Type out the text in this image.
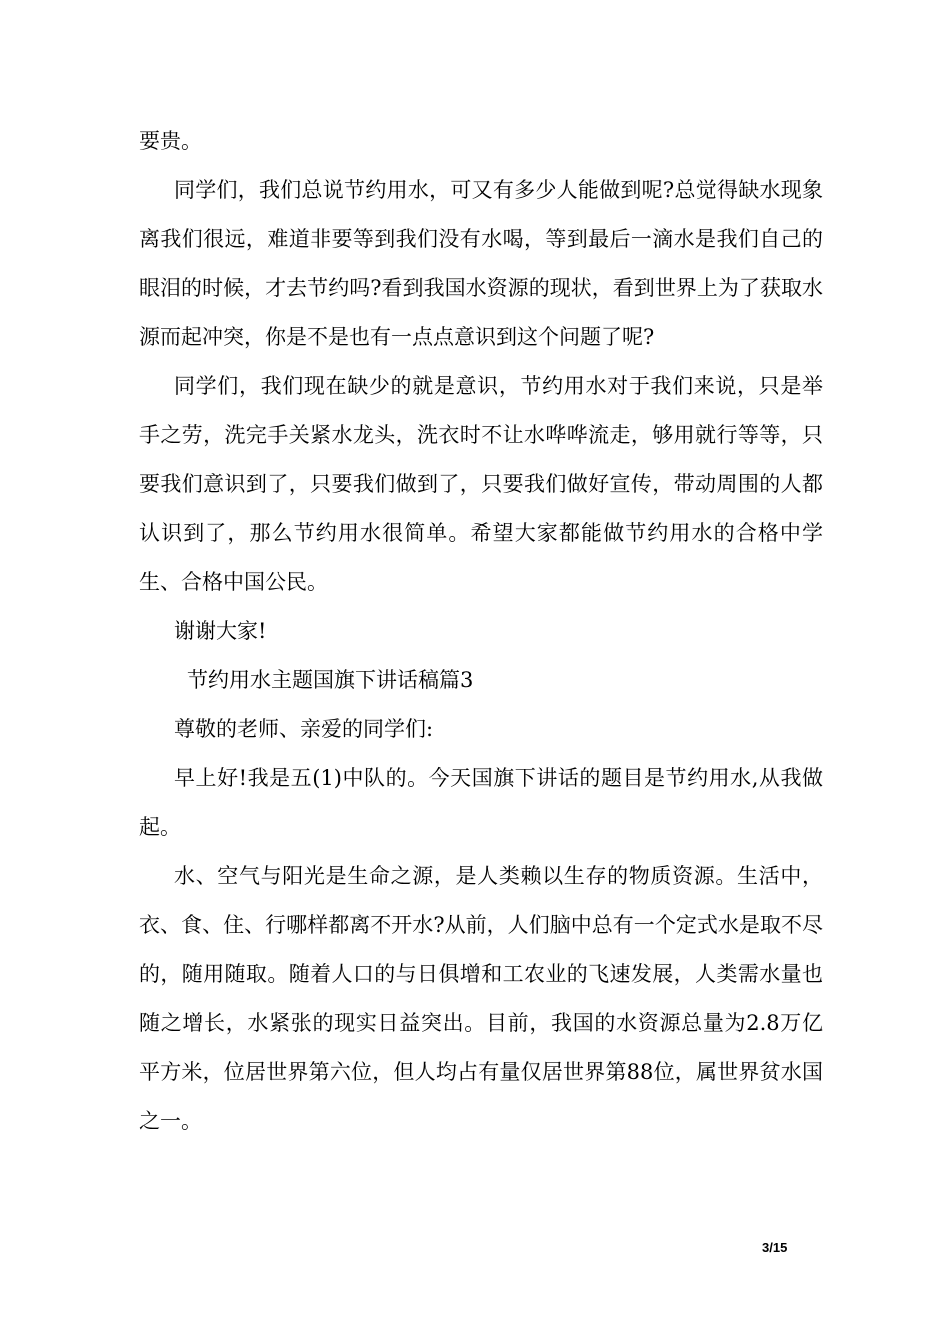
要贵。

同学们，我们总说节约用水，可又有多少人能做到呢?总觉得缺水现象离我们很远，难道非要等到我们没有水喝，等到最后一滴水是我们自己的眼泪的时候，才去节约吗?看到我国水资源的现状，看到世界上为了获取水源而起冲突，你是不是也有一点点意识到这个问题了呢?

同学们，我们现在缺少的就是意识，节约用水对于我们来说，只是举手之劳，洗完手关紧水龙头，洗衣时不让水哗哗流走，够用就行等等，只要我们意识到了，只要我们做到了，只要我们做好宣传，带动周围的人都认识到了，那么节约用水很简单。希望大家都能做节约用水的合格中学生、合格中国公民。

谢谢大家!

节约用水主题国旗下讲话稿篇3

尊敬的老师、亲爱的同学们:

早上好!我是五(1)中队的。今天国旗下讲话的题目是节约用水,从我做起。

水、空气与阳光是生命之源，是人类赖以生存的物质资源。生活中，衣、食、住、行哪样都离不开水?从前，人们脑中总有一个定式水是取不尽的，随用随取。随着人口的与日俱增和工农业的飞速发展，人类需水量也随之增长，水紧张的现实日益突出。目前，我国的水资源总量为2.8万亿平方米，位居世界第六位，但人均占有量仅居世界第88位，属世界贫水国之一。

3/15
